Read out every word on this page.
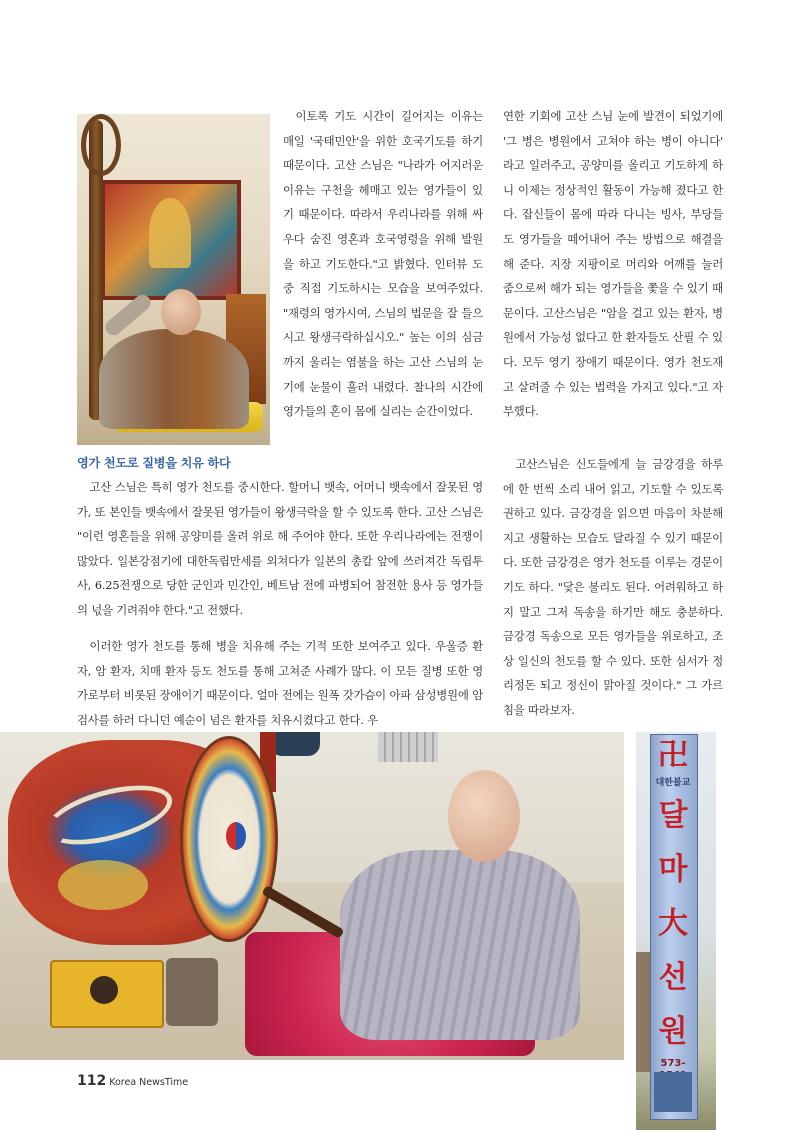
이토록 기도 시간이 길어지는 이유는 매일 '국태민안'을 위한 호국기도를 하기 때문이다. 고산 스님은 "나라가 어지러운 이유는 구천을 헤매고 있는 영가들이 있기 때문이다. 따라서 우리나라를 위해 싸우다 숨진 영혼과 호국영령을 위해 발원을 하고 기도한다."고 밝혔다. 인터뷰 도중 직접 기도하시는 모습을 보여주었다. "재령의 영가시여, 스님의 법문을 잘 들으시고 왕생극락하십시오." 높는 이의 심금까지 울리는 염불을 하는 고산 스님의 눈기에 눈물이 흘러 내렸다. 찰나의 시간에 영가들의 혼이 몸에 실리는 순간이었다.

연한 기회에 고산 스님 눈에 발견이 되었기에 '그 병은 병원에서 고쳐야 하는 병이 아니다' 라고 일러주고, 공양미를 올리고 기도하게 하니 이제는 정상적인 활동이 가능해 졌다고 한다. 잡신들이 몸에 따라 다니는 빙사, 부당들도 영가들을 떼어내어 주는 방법으로 해결을 해 준다. 지장 지팡이로 머리와 어깨를 눌러 줌으로써 해가 되는 영가들을 쫓을 수 있기 때문이다. 고산스님은 "암을 걸고 있는 환자, 병원에서 가능성 없다고 한 환자들도 산필 수 있다. 모두 영기 장애기 때문이다. 영가 천도재고 살려줄 수 있는 법력을 가지고 있다."고 자부했다.

영가 천도로 질병을 치유 하다

고산 스님은 특히 영가 천도를 중시한다. 할머니 뱃속, 어머니 뱃속에서 잘못된 영가, 또 본인들 뱃속에서 잘못된 영가들이 왕생극락을 할 수 있도록 한다. 고산 스님은 "이런 영혼들을 위해 공양미를 올려 위로 해 주어야 한다. 또한 우리나라에는 전쟁이 많았다. 일본강점기에 대한독립만세를 외쳐다가 일본의 총칼 앞에 쓰러져간 독립투사, 6.25전쟁으로 당한 군인과 민간인, 베트남 전에 파병되어 참전한 용사 등 영가들의 넋을 기려줘야 한다."고 전했다.

이러한 영가 천도를 통해 병을 치유해 주는 기적 또한 보여주고 있다. 우울증 환자, 암 환자, 치매 환자 등도 천도를 통해 고쳐준 사례가 많다. 이 모든 질병 또한 영가로부터 비롯된 장애이기 때문이다. 얼마 전에는 원폭 갓가슴이 아파 삼성병원에 암 검사를 하러 다니던 예순이 넘은 환자를 치유시켰다고 한다. 우

고산스님은 신도들에게 늘 금강경을 하루에 한 번씩 소리 내어 읽고, 기도할 수 있도록 권하고 있다. 금강경을 읽으면 마음이 차분해지고 생활하는 모습도 달라질 수 있기 때문이다. 또한 금강경은 영가 천도를 이루는 경문이기도 하다. "닻은 불리도 된다. 어려워하고 하지 말고 그저 독송을 하기만 해도 충분하다. 금강경 독송으로 모든 영가들을 위로하고, 조상 일신의 천도를 할 수 있다. 또한 심서가 정리정돈 되고 정신이 맑아질 것이다." 그 가르침을 따라보자.

卍
대한불교
달
마
大
선
원
573-
112 Korea NewsTime
